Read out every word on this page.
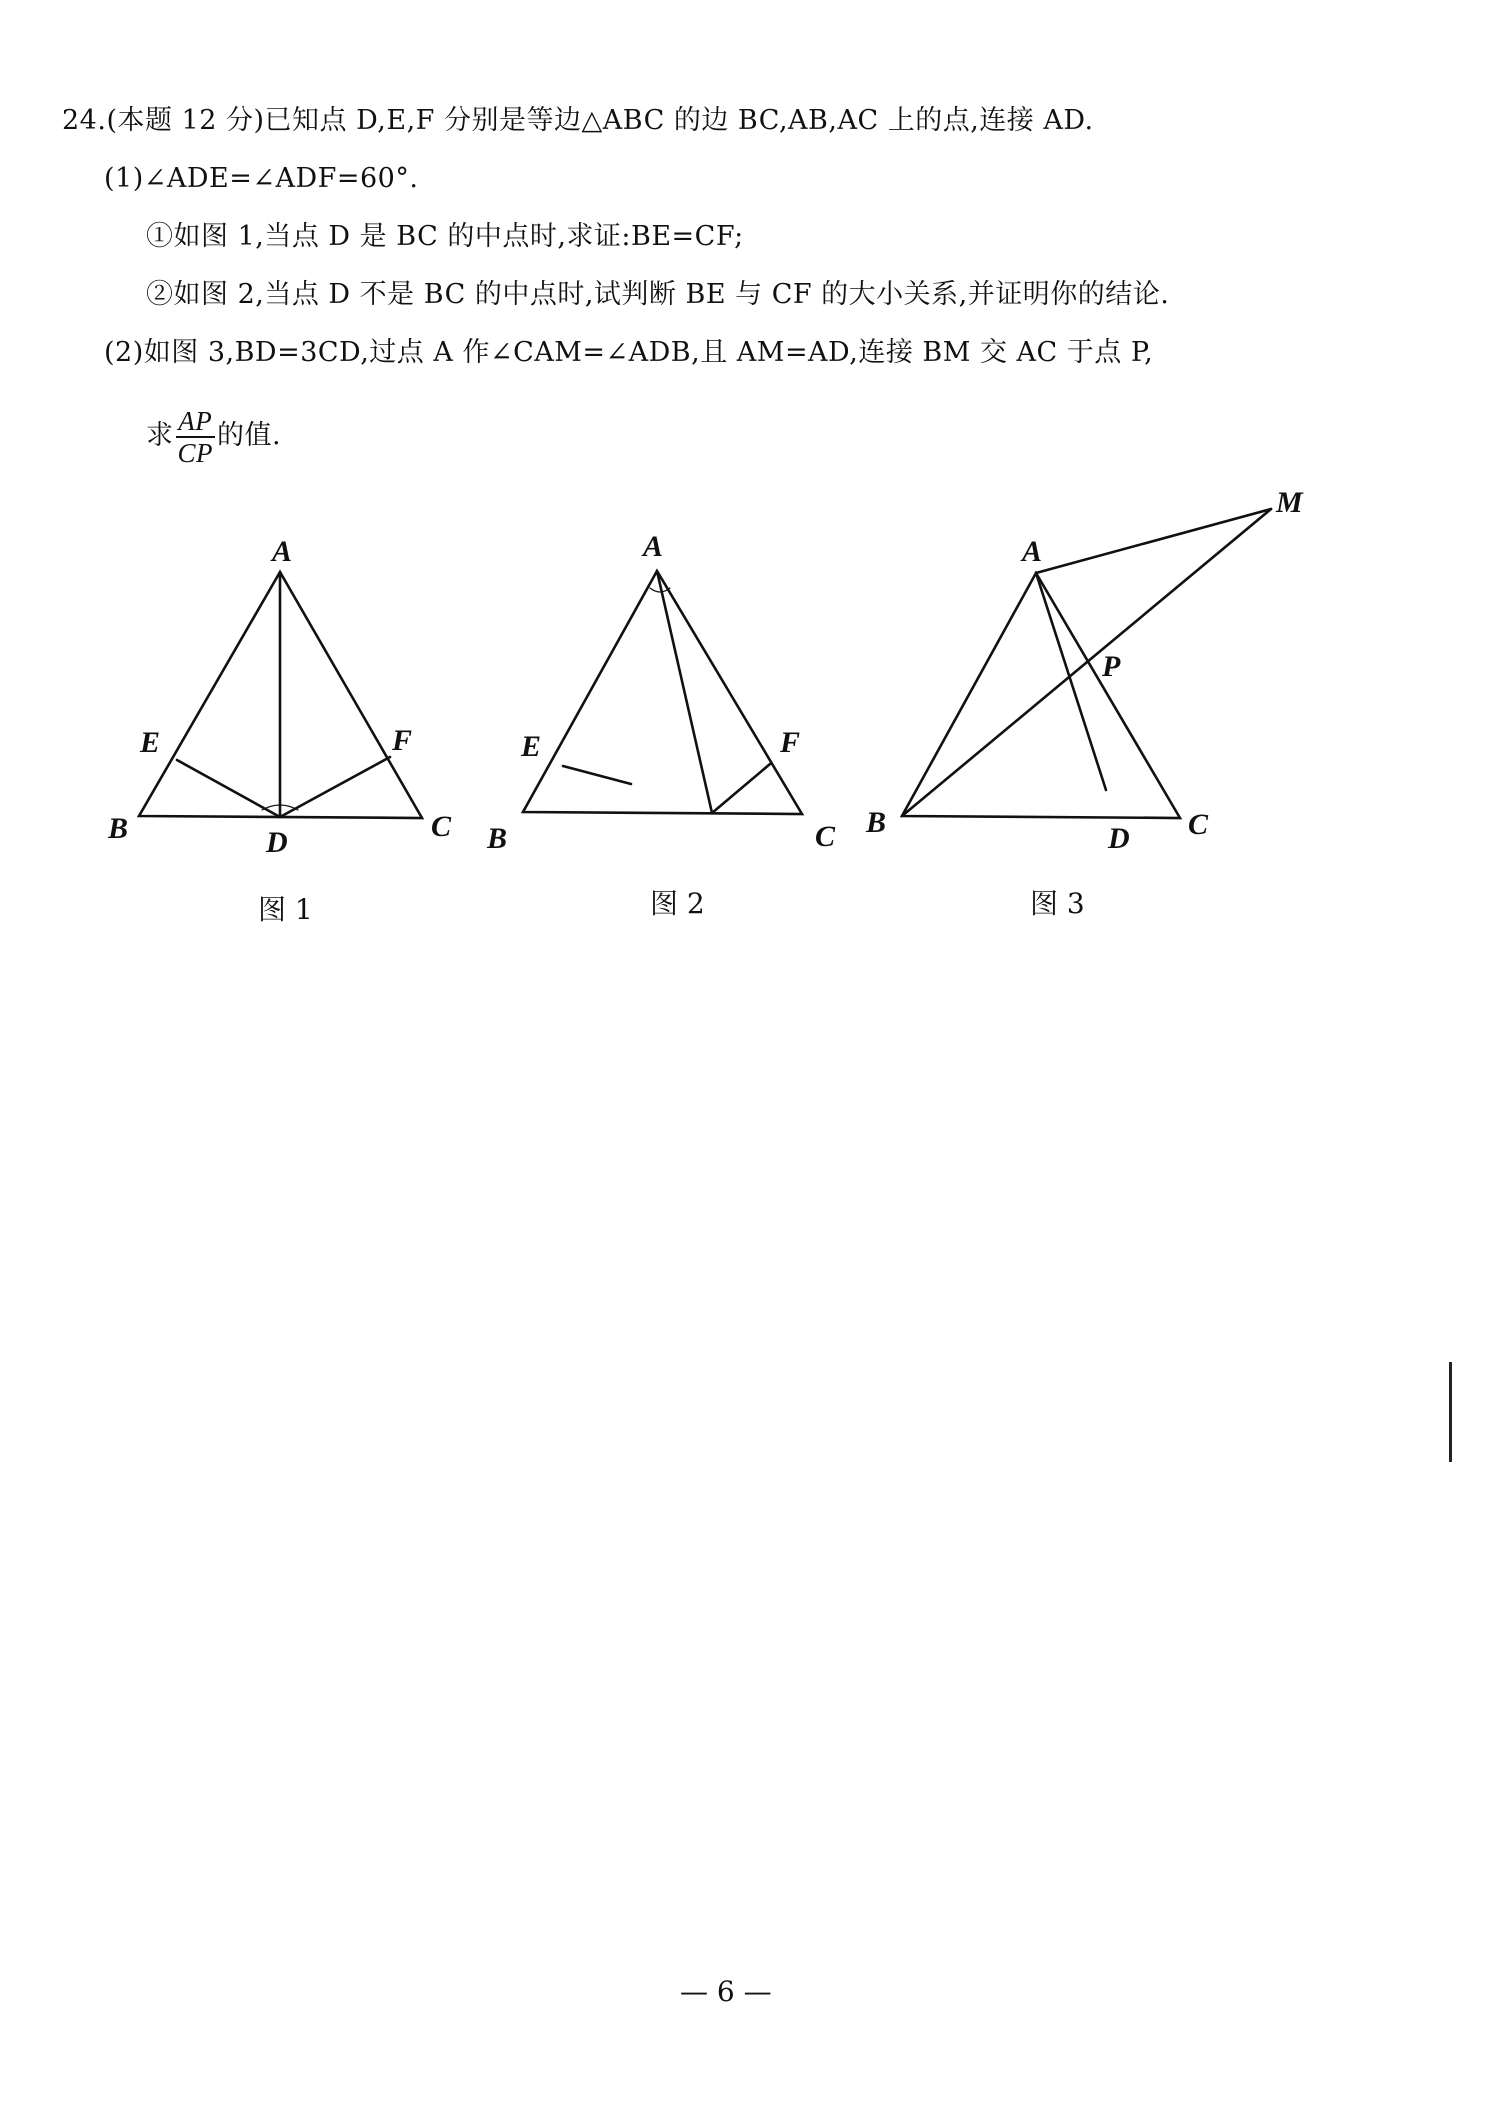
24.(本题 12 分)已知点 D,E,F 分别是等边△ABC 的边 BC,AB,AC 上的点,连接 AD.
(1)∠ADE=∠ADF=60°.
①如图 1,当点 D 是 BC 的中点时,求证:BE=CF;
②如图 2,当点 D 不是 BC 的中点时,试判断 BE 与 CF 的大小关系,并证明你的结论.
(2)如图 3,BD=3CD,过点 A 作∠CAM=∠ADB,且 AM=AD,连接 BM 交 AC 于点 P,
求 $\frac{AP}{CP}$ 的值.
A
B	C
D
E	F
A
B	C
E	F
A
B	C
D
M
P
图 1	图 2	图 3
— 6 —
